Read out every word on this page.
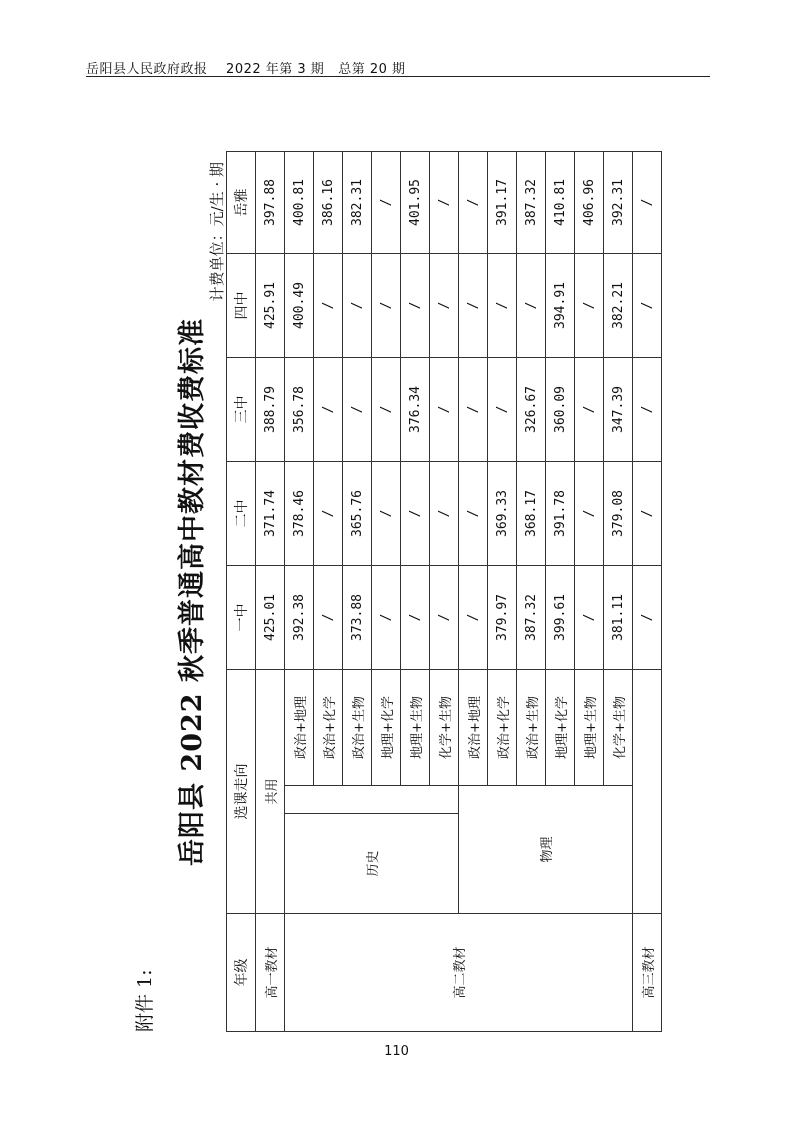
岳阳县人民政府政报 2022 年第 3 期 总第 20 期
附件 1:
岳阳县 2022 秋季普通高中教材费收费标准
计费单位：元/生 · 期
年级	选课走向			一中	二中	三中	四中	岳雅
高一教材	共用			425.01	371.74	388.79	425.91	397.88
高二教材	历史		政治+地理	392.38	378.46	356.78	400.49	400.81
			政治+化学	/	/	/	/	386.16
			政治+生物	373.88	365.76	/	/	382.31
			地理+化学	/	/	/	/	/
			地理+生物	/	/	376.34	/	401.95
			化学+生物	/	/	/	/	/
	物理		政治+地理	/	/	/	/	/
			政治+化学	379.97	369.33	/	/	391.17
			政治+生物	387.32	368.17	326.67	/	387.32
			地理+化学	399.61	391.78	360.09	394.91	410.81
			地理+生物	/	/	/	/	406.96
			化学+生物	381.11	379.08	347.39	382.21	392.31
高三教材				/	/	/	/	/
110
